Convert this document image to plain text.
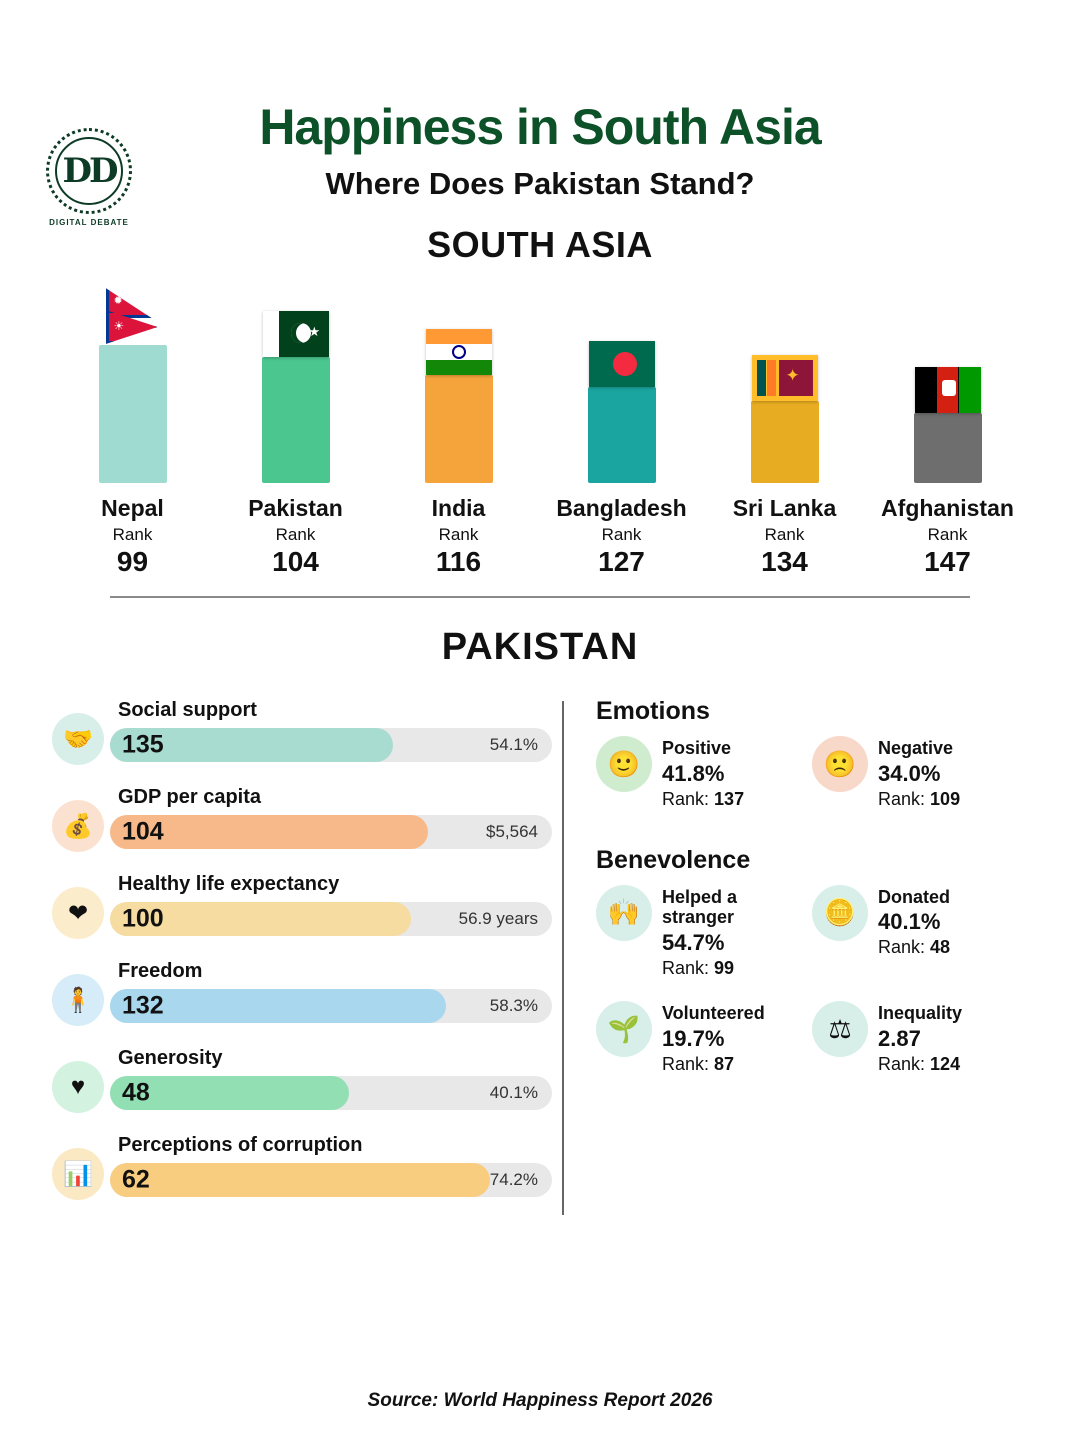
DD
DIGITAL DEBATE
Happiness in South Asia
Where Does Pakistan Stand?
SOUTH ASIA
✹
☀
Nepal
Rank
99
★
Pakistan
Rank
104
India
Rank
116
Bangladesh
Rank
127
✦
Sri Lanka
Rank
134
Afghanistan
Rank
147
PAKISTAN
🤝
Social support
135	54.1%
💰
GDP per capita
104	$5,564
❤
Healthy life expectancy
100	56.9 years
🧍
Freedom
132	58.3%
♥
Generosity
48	40.1%
📊
Perceptions of corruption
62	74.2%
Emotions
🙂
Positive
41.8%
Rank: 137
🙁
Negative
34.0%
Rank: 109
Benevolence
🙌
Helped a stranger
54.7%
Rank: 99
🪙
Donated
40.1%
Rank: 48
🌱
Volunteered
19.7%
Rank: 87
⚖
Inequality
2.87
Rank: 124
Source: World Happiness Report 2026
